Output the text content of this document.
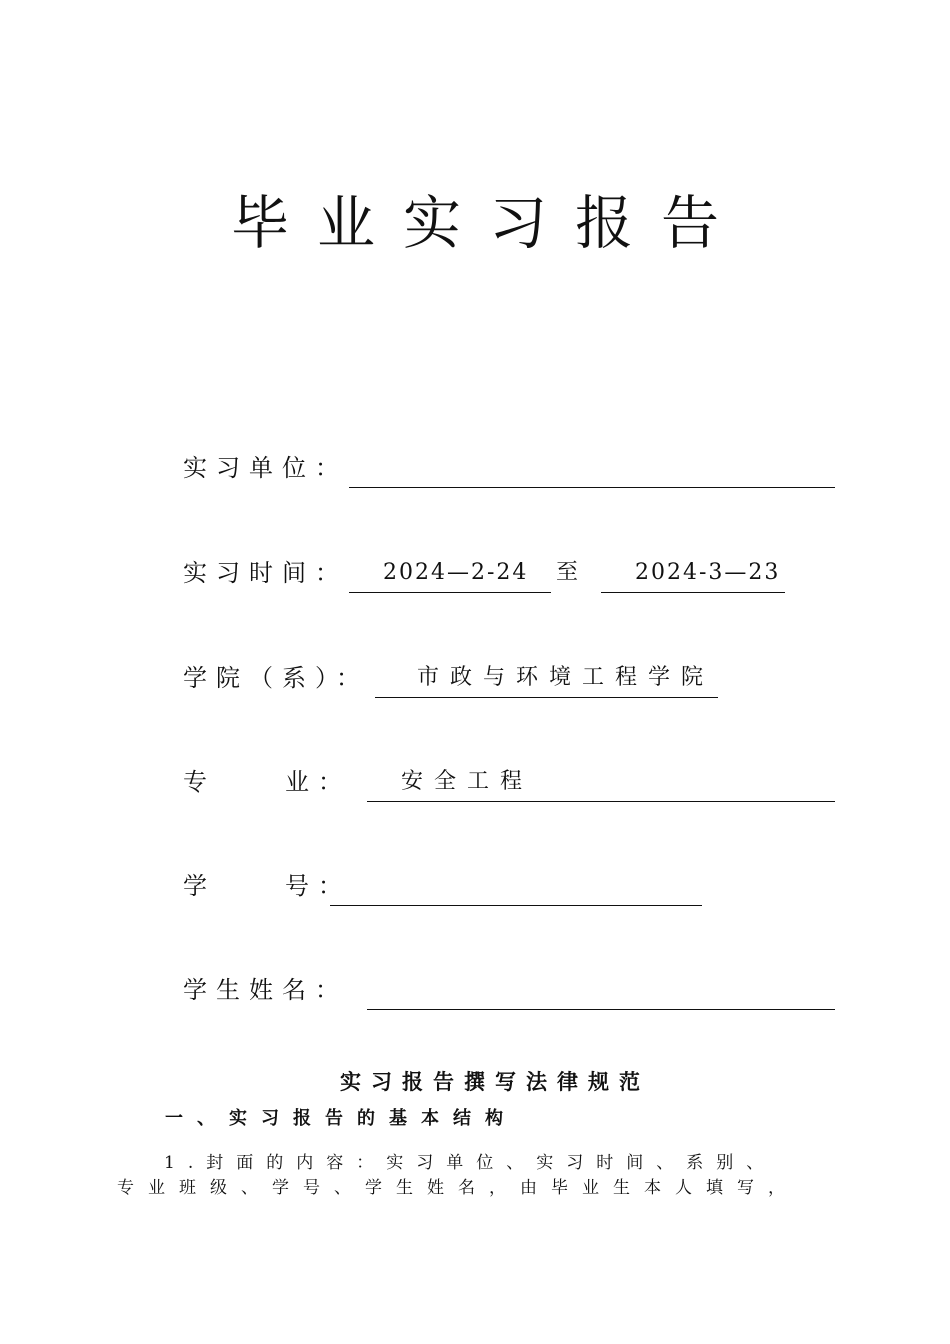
毕业实习报告
实习单位：
实习时间：	2024—2-24	至	2024-3—23
学院（系）：	市政与环境工程学院
专	业：	安全工程
学	号：
学生姓名：
实习报告撰写法律规范
一、实习报告的基本结构
1.封面的内容：实习单位、实习时间、系别、
专业班级、学号、学生姓名，由毕业生本人填写，
